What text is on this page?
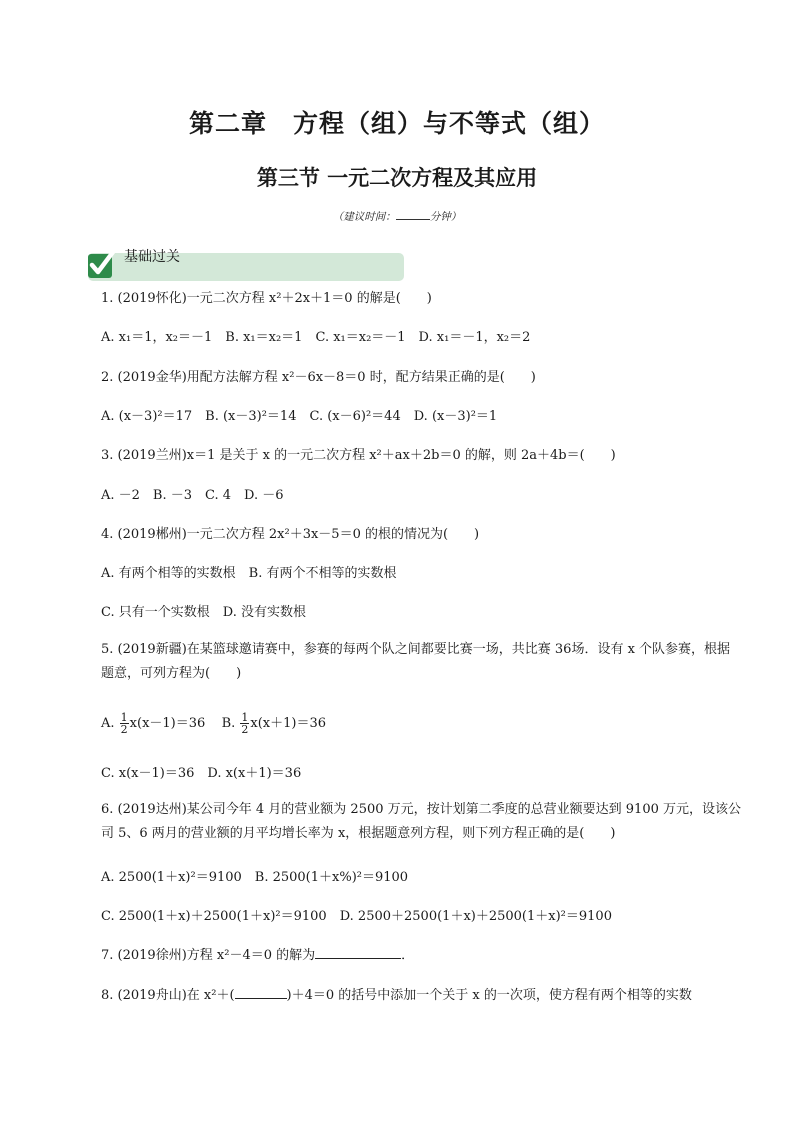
第二章　方程（组）与不等式（组）
第三节 一元二次方程及其应用
（建议时间：	分钟）
基础过关
1. (2019怀化)一元二次方程 x²＋2x＋1＝0 的解是(　　)
A. x₁＝1，x₂＝－1　B. x₁＝x₂＝1　C. x₁＝x₂＝－1　D. x₁＝－1，x₂＝2
2. (2019金华)用配方法解方程 x²－6x－8＝0 时，配方结果正确的是(　　)
A. (x－3)²＝17　B. (x－3)²＝14　C. (x－6)²＝44　D. (x－3)²＝1
3. (2019兰州)x＝1 是关于 x 的一元二次方程 x²＋ax＋2b＝0 的解，则 2a＋4b＝(　　)
A. －2　B. －3　C. 4　D. －6
4. (2019郴州)一元二次方程 2x²＋3x－5＝0 的根的情况为(　　)
A. 有两个相等的实数根　B. 有两个不相等的实数根
C. 只有一个实数根　D. 没有实数根
5. (2019新疆)在某篮球邀请赛中，参赛的每两个队之间都要比赛一场，共比赛 36场．设有 x 个队参赛，根据题意，可列方程为(　　)
A. $\frac{1}{2} x(x-1)=36$ B. $\frac{1}{2} x(x+1)=36$
C. x(x－1)＝36　D. x(x＋1)＝36
6. (2019达州)某公司今年 4 月的营业额为 2500 万元，按计划第二季度的总营业额要达到 9100 万元，设该公司 5、6 两月的营业额的月平均增长率为 x，根据题意列方程，则下列方程正确的是(　　)
A. 2500(1＋x)²＝9100　B. 2500(1＋x%)²＝9100
C. 2500(1＋x)＋2500(1＋x)²＝9100　D. 2500＋2500(1＋x)＋2500(1＋x)²＝9100
7. (2019徐州)方程 x²－4＝0 的解为	．
8. (2019舟山)在 x²＋(	)＋4＝0 的括号中添加一个关于 x 的一次项，使方程有两个相等的实数
